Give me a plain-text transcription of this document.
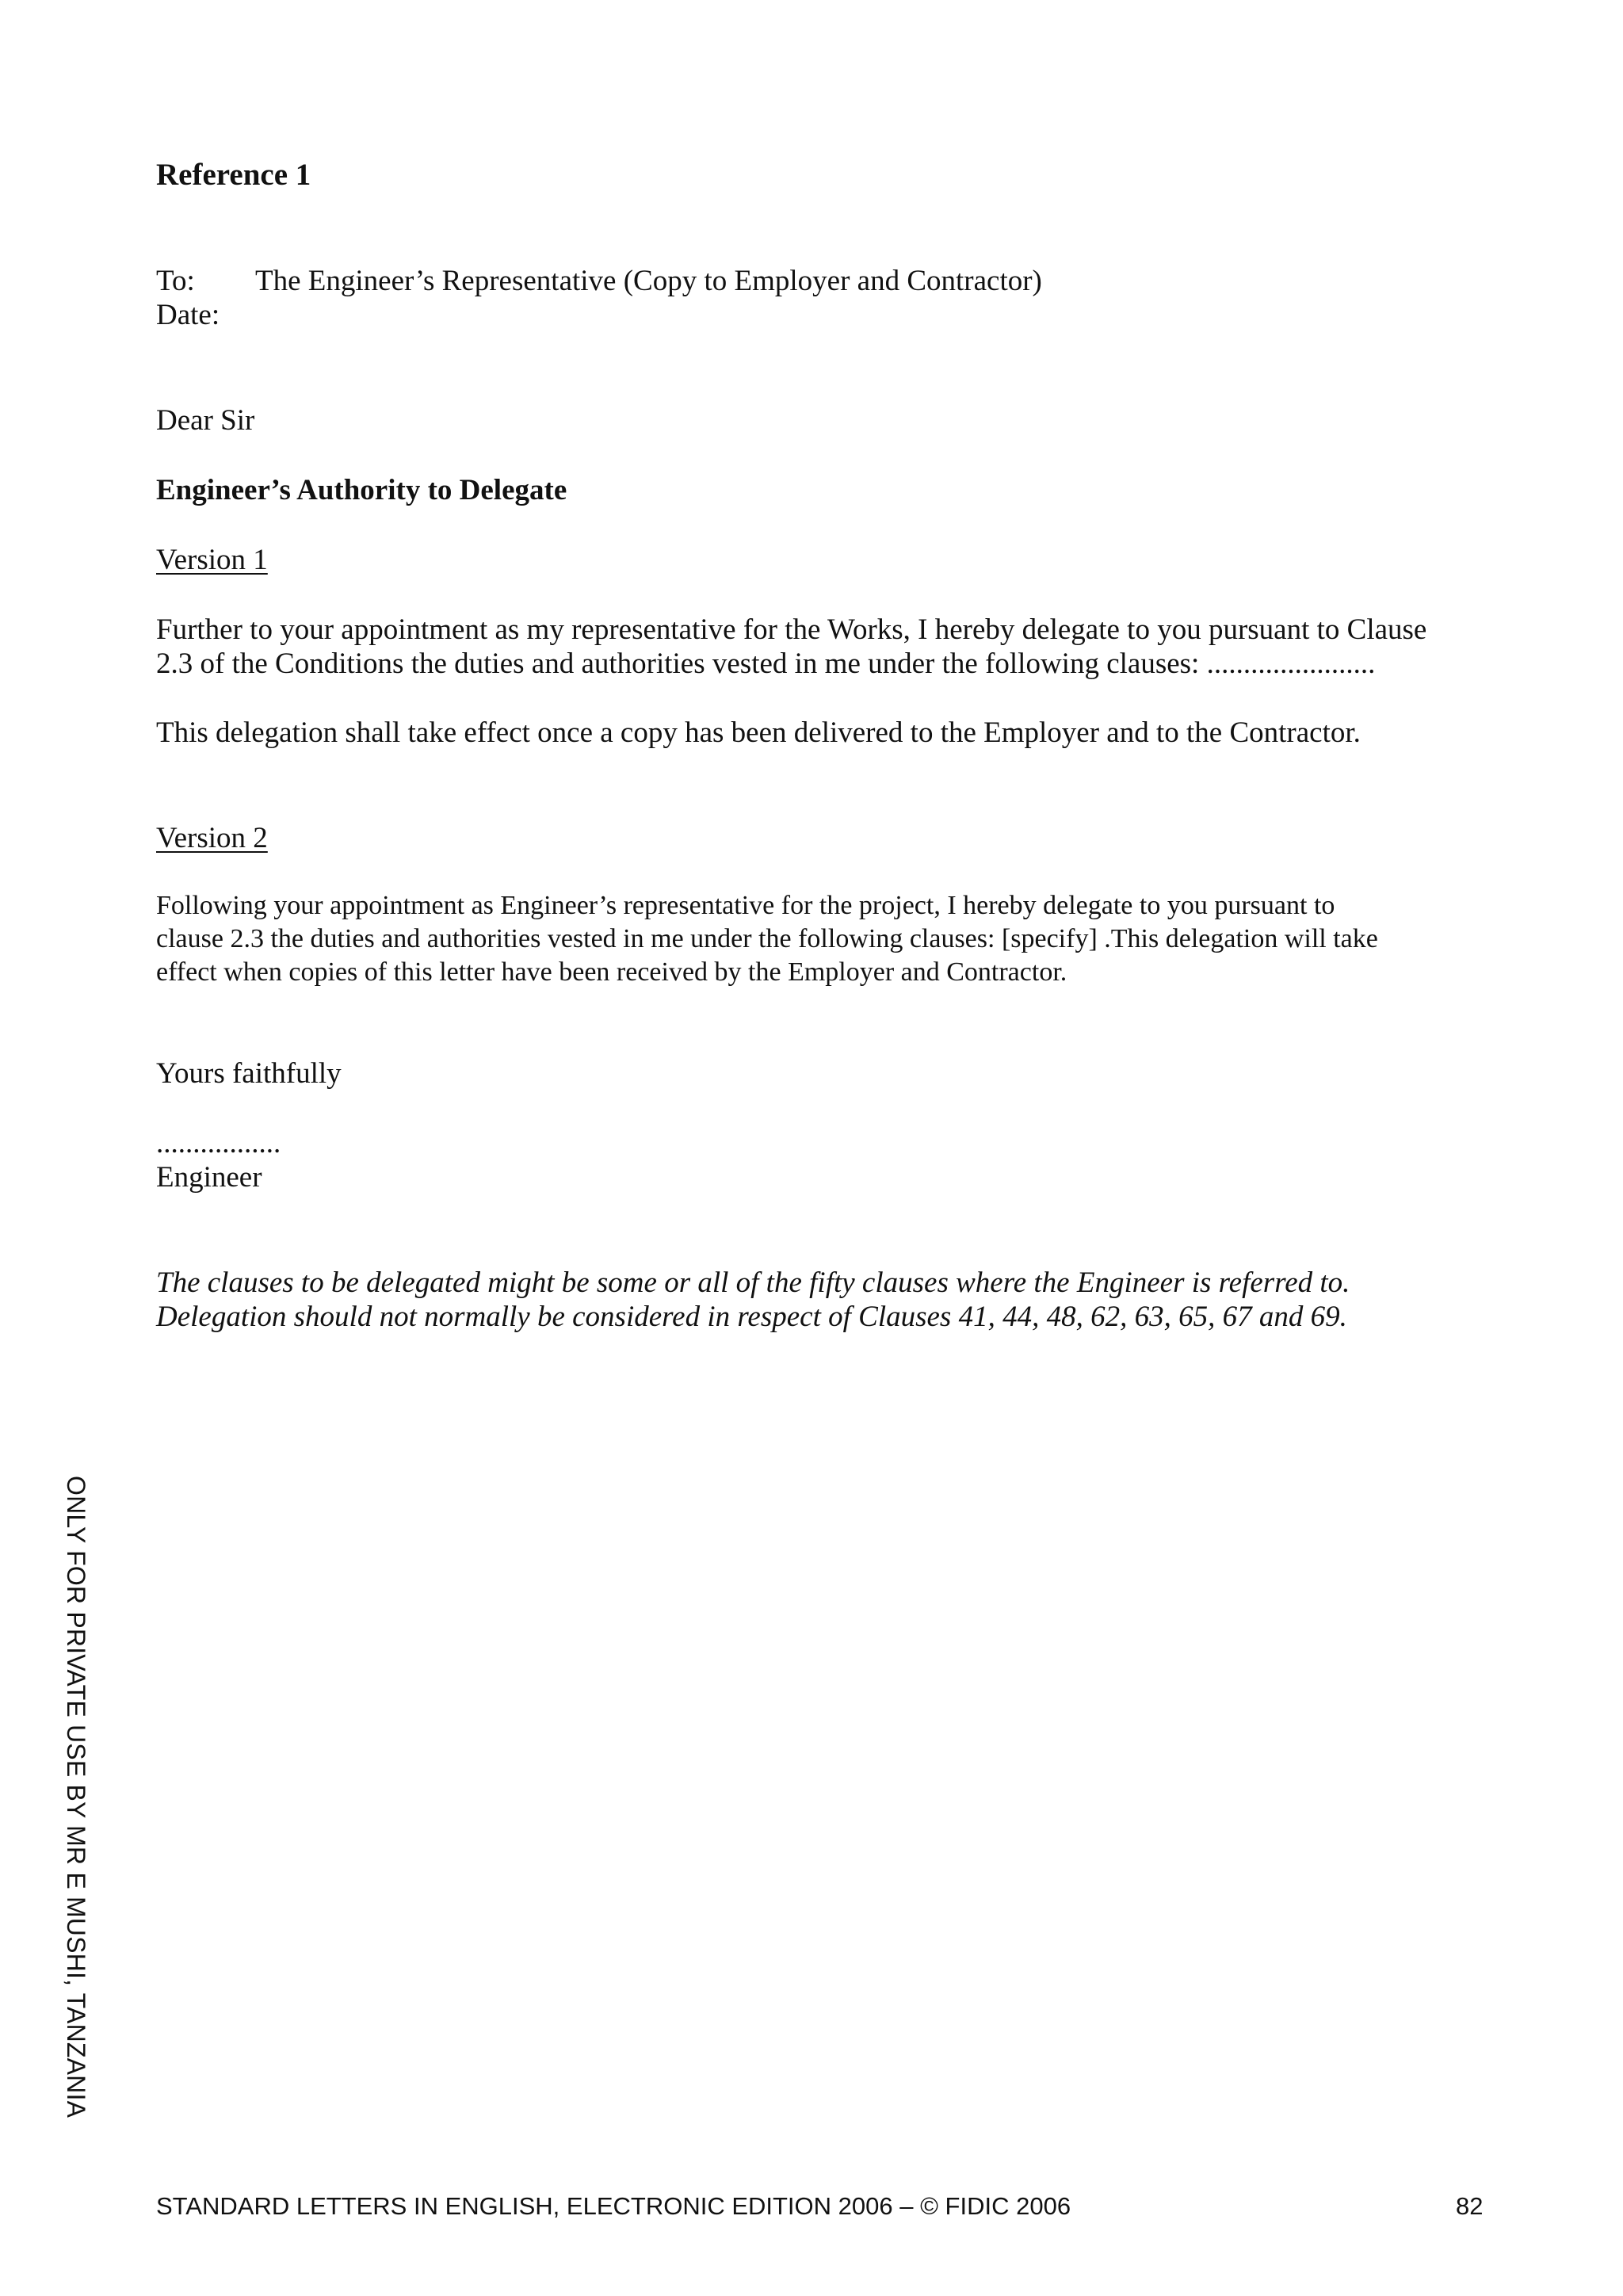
Reference 1
To: The Engineer’s Representative (Copy to Employer and Contractor)
Date:
Dear Sir
Engineer’s Authority to Delegate
Version 1
Further to your appointment as my representative for the Works, I hereby delegate to you pursuant to Clause
2.3 of the Conditions the duties and authorities vested in me under the following clauses: .......................
This delegation shall take effect once a copy has been delivered to the Employer and to the Contractor.
Version 2
Following your appointment as Engineer’s representative for the project, I hereby delegate to you pursuant to
clause 2.3 the duties and authorities vested in me under the following clauses: [specify] .This delegation will take
effect when copies of this letter have been received by the Employer and Contractor.
Yours faithfully
.................
Engineer
The clauses to be delegated might be some or all of the fifty clauses where the Engineer is referred to.
Delegation should not normally be considered in respect of Clauses 41, 44, 48, 62, 63, 65, 67 and 69.
ONLY FOR PRIVATE USE BY MR E MUSHI, TANZANIA
STANDARD LETTERS IN ENGLISH, ELECTRONIC EDITION 2006 – © FIDIC 2006	82
